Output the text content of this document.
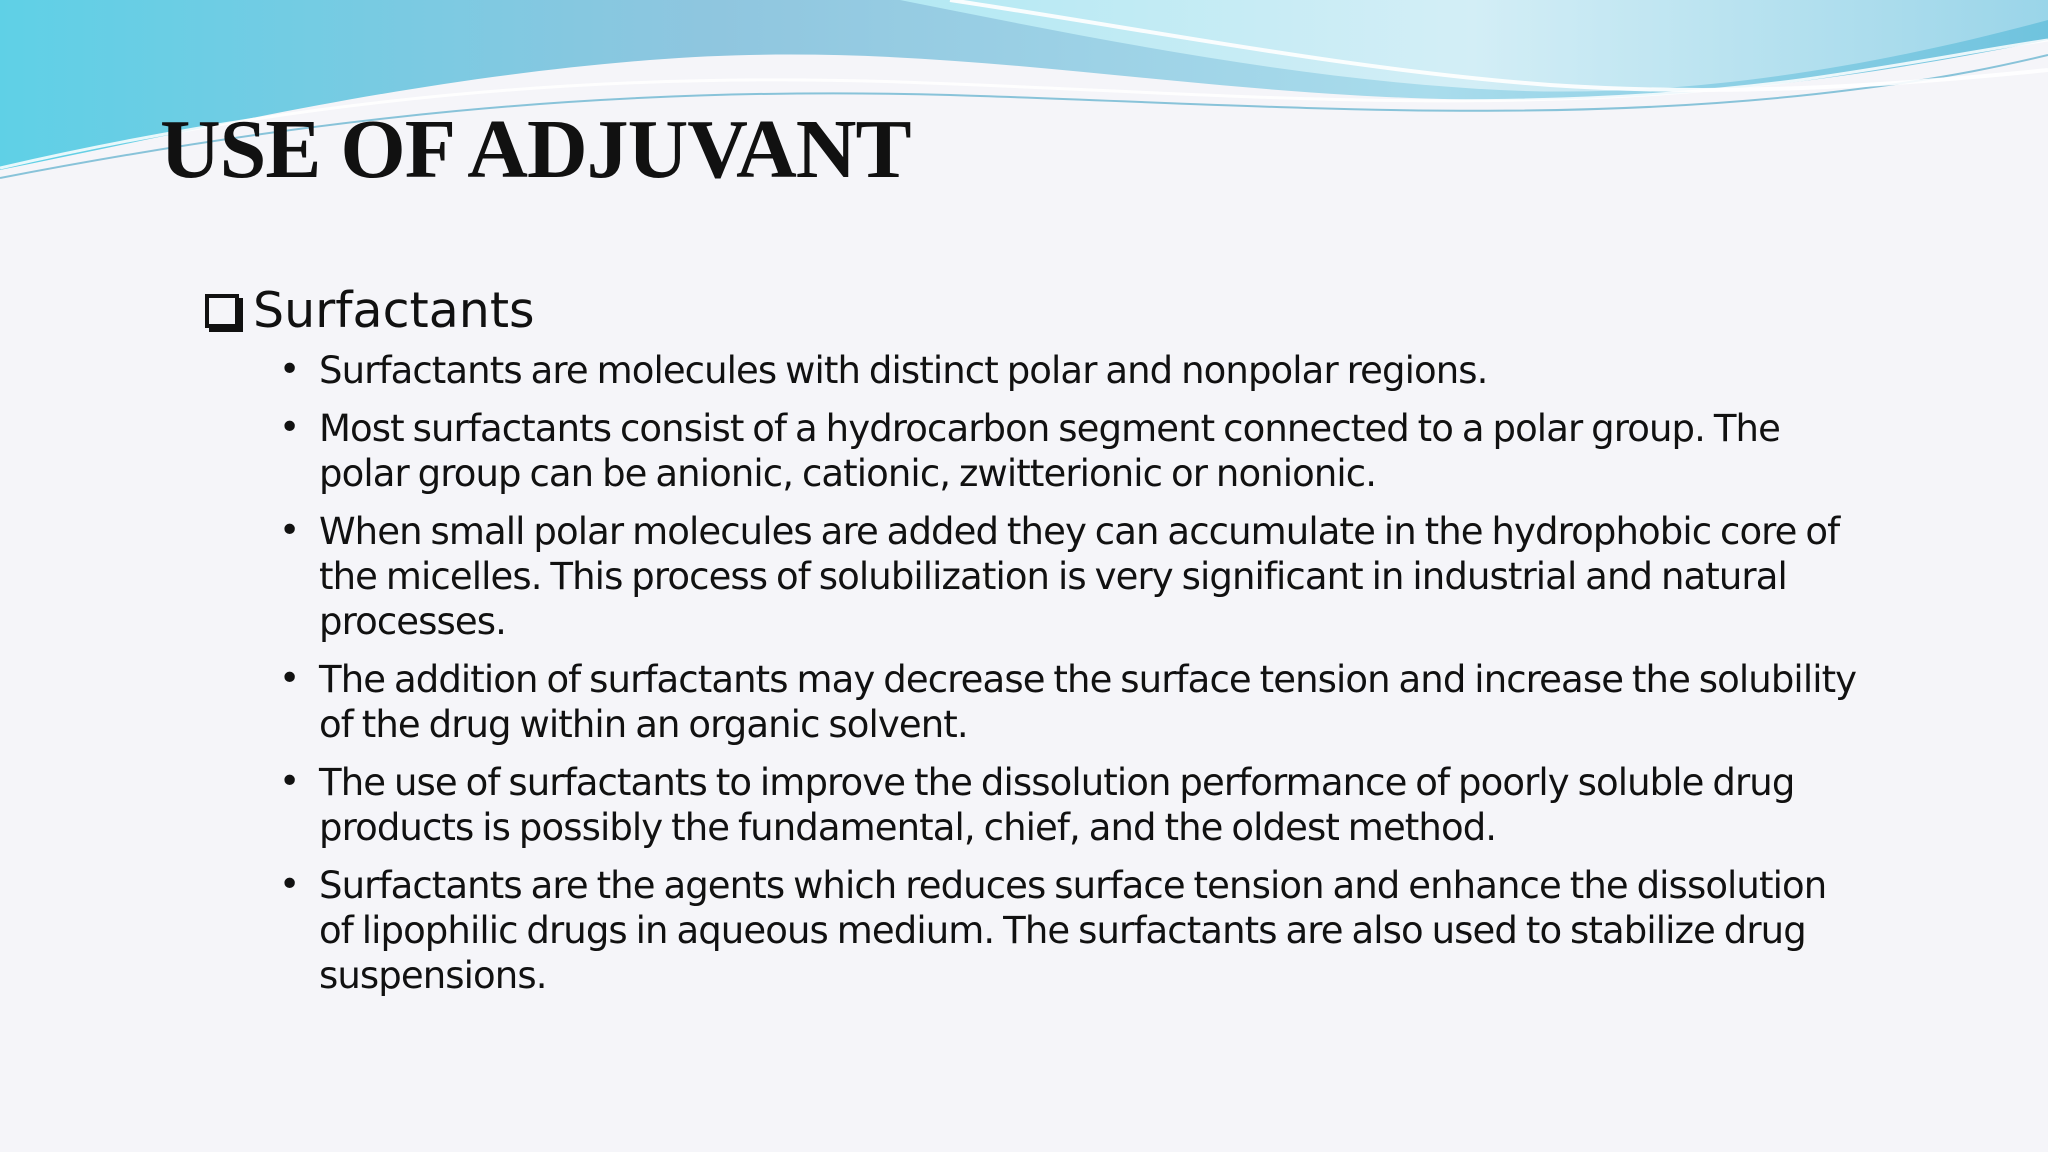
USE OF ADJUVANT
Surfactants
• Surfactants are molecules with distinct polar and nonpolar regions.
• Most surfactants consist of a hydrocarbon segment connected to a polar group. The polar group can be anionic, cationic, zwitterionic or nonionic.
• When small polar molecules are added they can accumulate in the hydrophobic core of the micelles. This process of solubilization is very significant in industrial and natural processes.
• The addition of surfactants may decrease the surface tension and increase the solubility of the drug within an organic solvent.
• The use of surfactants to improve the dissolution performance of poorly soluble drug products is possibly the fundamental, chief, and the oldest method.
• Surfactants are the agents which reduces surface tension and enhance the dissolution of lipophilic drugs in aqueous medium. The surfactants are also used to stabilize drug suspensions.
